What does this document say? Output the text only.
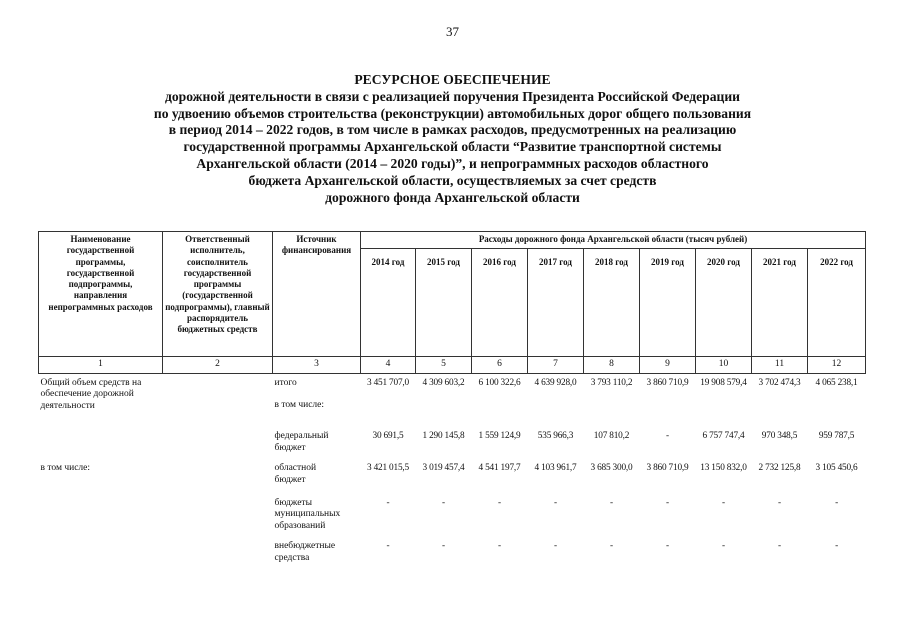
37
РЕСУРСНОЕ ОБЕСПЕЧЕНИЕ
дорожной деятельности в связи с реализацией поручения Президента Российской Федерации
по удвоению объемов строительства (реконструкции) автомобильных дорог общего пользования
в период 2014 – 2022 годов, в том числе в рамках расходов, предусмотренных на реализацию
государственной программы Архангельской области “Развитие транспортной системы
Архангельской области (2014 – 2020 годы)”, и непрограммных расходов областного
бюджета Архангельской области, осуществляемых за счет средств
дорожного фонда Архангельской области
Наименование государственной программы, государственной подпрограммы, направления непрограммных расходов	Ответственный исполнитель, соисполнитель государственной программы (государственной подпрограммы), главный распорядитель бюджетных средств	Источник финансирования	Расходы дорожного фонда Архангельской области (тысяч рублей)								
			2014 год	2015 год	2016 год	2017 год	2018 год	2019 год	2020 год	2021 год	2022 год
1	2	3	4	5	6	7	8	9	10	11	12
Общий объем средств на обеспечение дорожной деятельности		итого	3 451 707,0	4 309 603,2	6 100 322,6	4 639 928,0	3 793 110,2	3 860 710,9	19 908 579,4	3 702 474,3	4 065 238,1
		в том числе:									
		федеральный бюджет	30 691,5	1 290 145,8	1 559 124,9	535 966,3	107 810,2	-	6 757 747,4	970 348,5	959 787,5
в том числе:		областной бюджет	3 421 015,5	3 019 457,4	4 541 197,7	4 103 961,7	3 685 300,0	3 860 710,9	13 150 832,0	2 732 125,8	3 105 450,6
		бюджеты муниципальных образований	-	-	-	-	-	-	-	-	-
		внебюджетные средства	-	-	-	-	-	-	-	-	-
